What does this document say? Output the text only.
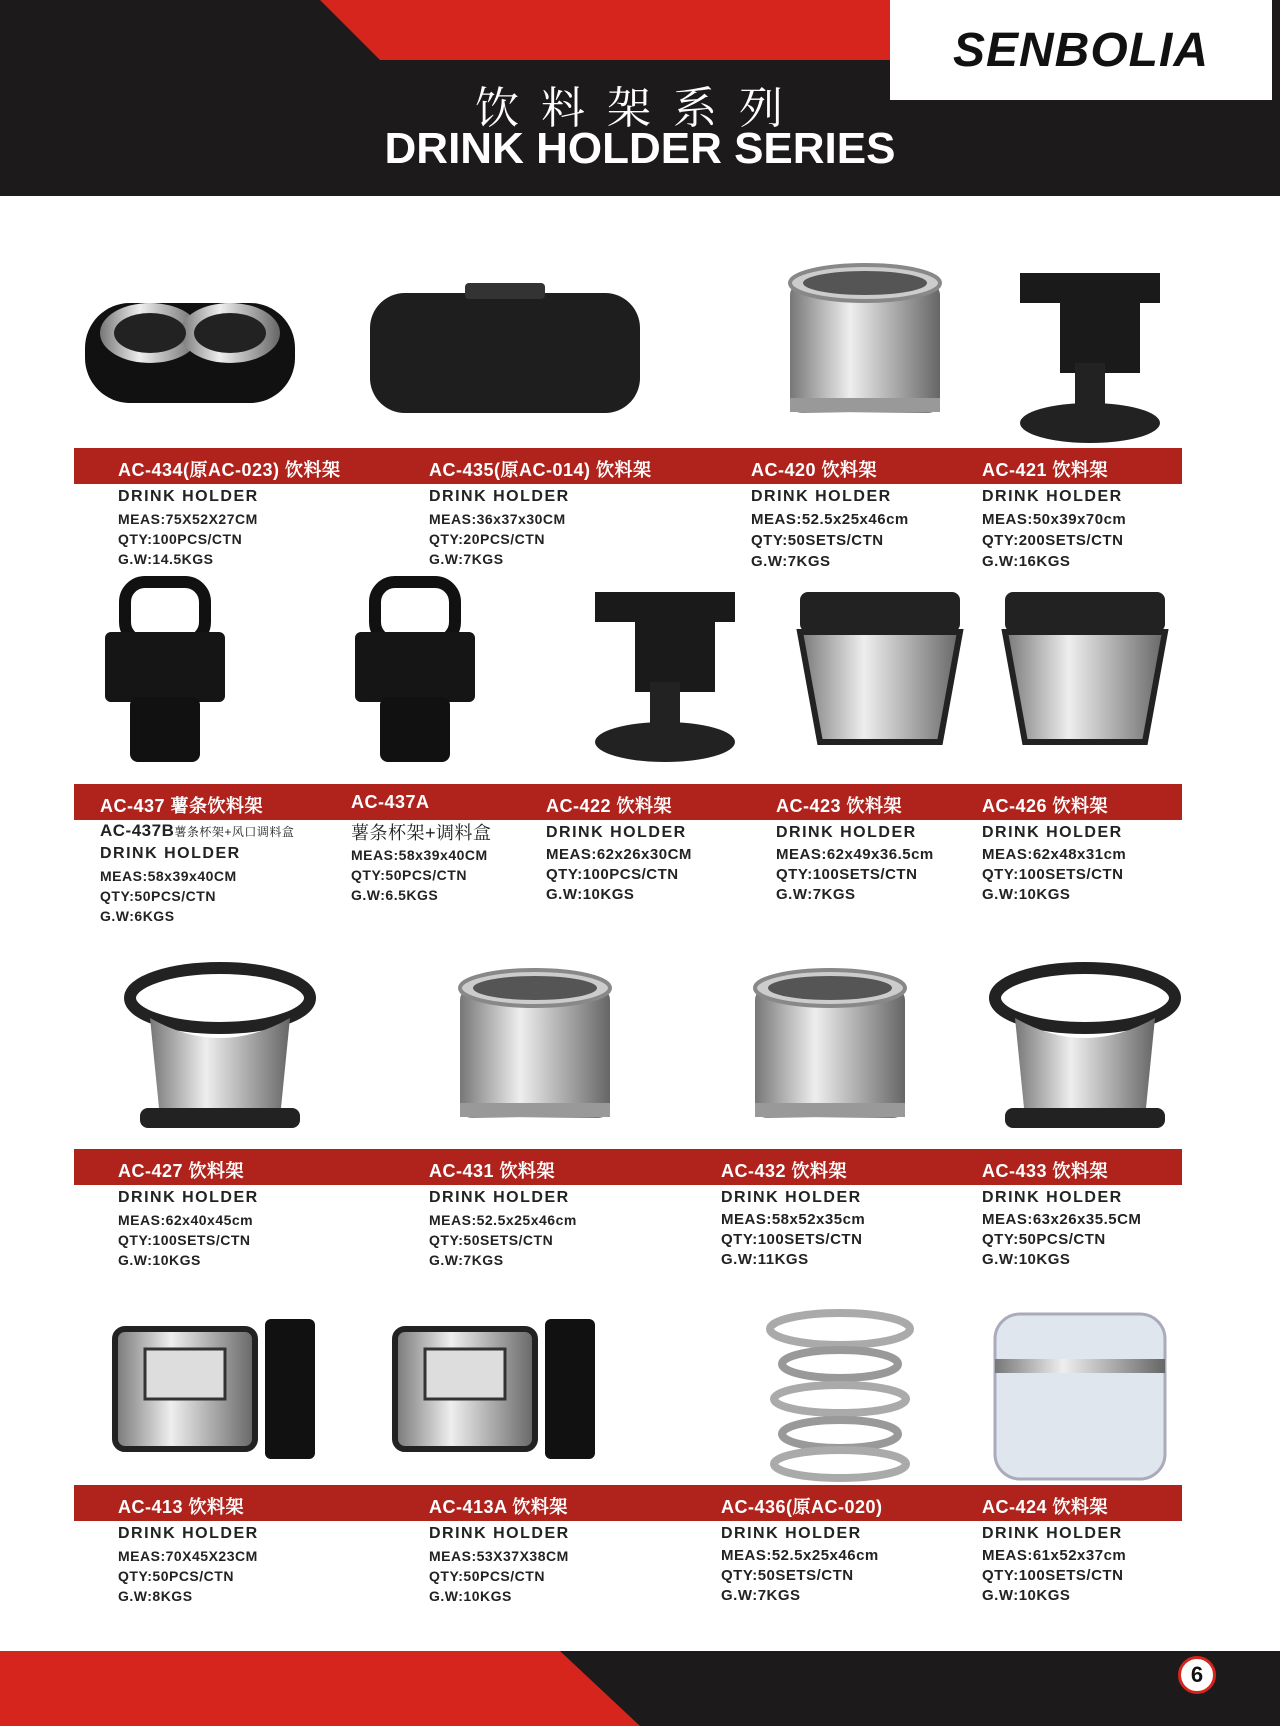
SENBOLIA
饮料架系列
DRINK HOLDER SERIES
AC-434(原AC-023) 饮料架
DRINK HOLDER
MEAS:75X52X27CM
QTY:100PCS/CTN
G.W:14.5KGS
AC-435(原AC-014) 饮料架
DRINK HOLDER
MEAS:36x37x30CM
QTY:20PCS/CTN
G.W:7KGS
AC-420 饮料架
DRINK HOLDER
MEAS:52.5x25x46cm
QTY:50SETS/CTN
G.W:7KGS
AC-421 饮料架
DRINK HOLDER
MEAS:50x39x70cm
QTY:200SETS/CTN
G.W:16KGS
AC-437 薯条饮料架
AC-437B薯条杯架+风口调料盒
DRINK HOLDER
MEAS:58x39x40CM
QTY:50PCS/CTN
G.W:6KGS
AC-437A
薯条杯架+调料盒
MEAS:58x39x40CM
QTY:50PCS/CTN
G.W:6.5KGS
AC-422 饮料架
DRINK HOLDER
MEAS:62x26x30CM
QTY:100PCS/CTN
G.W:10KGS
AC-423 饮料架
DRINK HOLDER
MEAS:62x49x36.5cm
QTY:100SETS/CTN
G.W:7KGS
AC-426 饮料架
DRINK HOLDER
MEAS:62x48x31cm
QTY:100SETS/CTN
G.W:10KGS
AC-427 饮料架
DRINK HOLDER
MEAS:62x40x45cm
QTY:100SETS/CTN
G.W:10KGS
AC-431 饮料架
DRINK HOLDER
MEAS:52.5x25x46cm
QTY:50SETS/CTN
G.W:7KGS
AC-432 饮料架
DRINK HOLDER
MEAS:58x52x35cm
QTY:100SETS/CTN
G.W:11KGS
AC-433 饮料架
DRINK HOLDER
MEAS:63x26x35.5CM
QTY:50PCS/CTN
G.W:10KGS
AC-413 饮料架
DRINK HOLDER
MEAS:70X45X23CM
QTY:50PCS/CTN
G.W:8KGS
AC-413A 饮料架
DRINK HOLDER
MEAS:53X37X38CM
QTY:50PCS/CTN
G.W:10KGS
AC-436(原AC-020)
DRINK HOLDER
MEAS:52.5x25x46cm
QTY:50SETS/CTN
G.W:7KGS
AC-424 饮料架
DRINK HOLDER
MEAS:61x52x37cm
QTY:100SETS/CTN
G.W:10KGS
6
